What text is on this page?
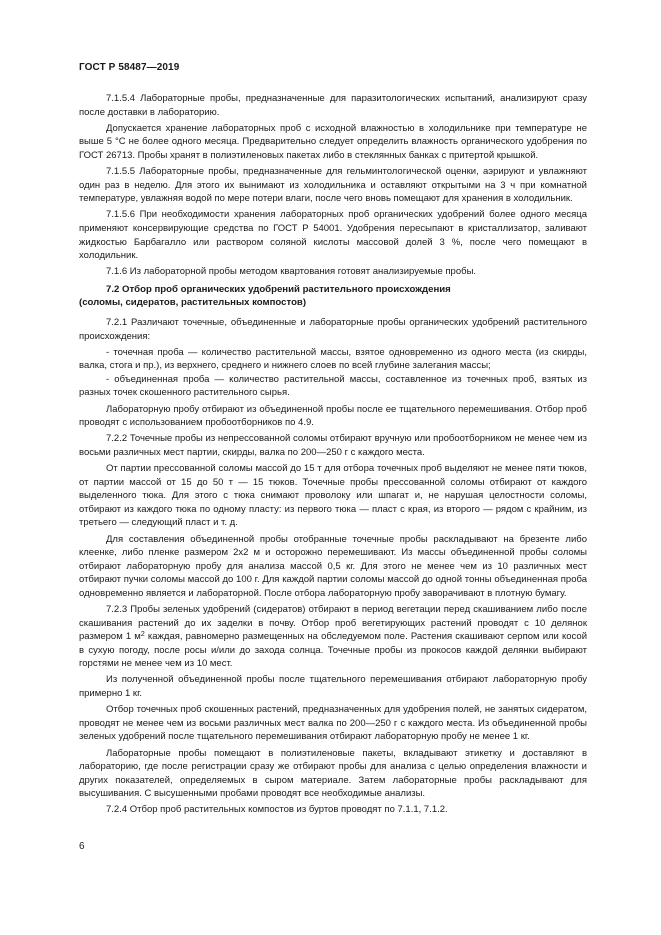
ГОСТ Р 58487—2019

7.1.5.4 Лабораторные пробы, предназначенные для паразитологических испытаний, анализируют сразу после доставки в лабораторию.

Допускается хранение лабораторных проб с исходной влажностью в холодильнике при температуре не выше 5 °С не более одного месяца. Предварительно следует определить влажность органического удобрения по ГОСТ 26713. Пробы хранят в полиэтиленовых пакетах либо в стеклянных банках с притертой крышкой.

7.1.5.5 Лабораторные пробы, предназначенные для гельминтологической оценки, аэрируют и увлажняют один раз в неделю. Для этого их вынимают из холодильника и оставляют открытыми на 3 ч при комнатной температуре, увлажняя водой по мере потери влаги, после чего вновь помещают для хранения в холодильник.

7.1.5.6 При необходимости хранения лабораторных проб органических удобрений более одного месяца применяют консервирующие средства по ГОСТ Р 54001. Удобрения пересыпают в кристаллизатор, заливают жидкостью Барбагалло или раствором соляной кислоты массовой долей 3 %, после чего помещают в холодильник.

7.1.6 Из лабораторной пробы методом квартования готовят анализируемые пробы.

7.2 Отбор проб органических удобрений растительного происхождения
(соломы, сидератов, растительных компостов)

7.2.1 Различают точечные, объединенные и лабораторные пробы органических удобрений растительного происхождения:

- точечная проба — количество растительной массы, взятое одновременно из одного места (из скирды, валка, стога и пр.), из верхнего, среднего и нижнего слоев по всей глубине залегания массы;

- объединенная проба — количество растительной массы, составленное из точечных проб, взятых из разных точек скошенного растительного сырья.

Лабораторную пробу отбирают из объединенной пробы после ее тщательного перемешивания. Отбор проб проводят с использованием пробоотборников по 4.9.

7.2.2 Точечные пробы из непрессованной соломы отбирают вручную или пробоотборником не менее чем из восьми различных мест партии, скирды, валка по 200—250 г с каждого места.

От партии прессованной соломы массой до 15 т для отбора точечных проб выделяют не менее пяти тюков, от партии массой от 15 до 50 т — 15 тюков. Точечные пробы прессованной соломы отбирают от каждого выделенного тюка. Для этого с тюка снимают проволоку или шпагат и, не нарушая целостности соломы, отбирают из каждого тюка по одному пласту: из первого тюка — пласт с края, из второго — рядом с крайним, из третьего — следующий пласт и т. д.

Для составления объединенной пробы отобранные точечные пробы раскладывают на брезенте либо клеенке, либо пленке размером 2х2 м и осторожно перемешивают. Из массы объединенной пробы соломы отбирают лабораторную пробу для анализа массой 0,5 кг. Для этого не менее чем из 10 различных мест отбирают пучки соломы массой до 100 г. Для каждой партии соломы массой до одной тонны объединенная проба одновременно является и лабораторной. После отбора лабораторную пробу заворачивают в плотную бумагу.

7.2.3 Пробы зеленых удобрений (сидератов) отбирают в период вегетации перед скашиванием либо после скашивания растений до их заделки в почву. Отбор проб вегетирующих растений проводят с 10 делянок размером 1 $м^2$ каждая, равномерно размещенных на обследуемом поле. Растения скашивают серпом или косой в сухую погоду, после росы и/или до захода солнца. Точечные пробы из прокосов каждой делянки выбирают горстями не менее чем из 10 мест.

Из полученной объединенной пробы после тщательного перемешивания отбирают лабораторную пробу примерно 1 кг.

Отбор точечных проб скошенных растений, предназначенных для удобрения полей, не занятых сидератом, проводят не менее чем из восьми различных мест валка по 200—250 г с каждого места. Из объединенной пробы зеленых удобрений после тщательного перемешивания отбирают лабораторную пробу не менее 1 кг.

Лабораторные пробы помещают в полиэтиленовые пакеты, вкладывают этикетку и доставляют в лабораторию, где после регистрации сразу же отбирают пробы для анализа с целью определения влажности и других показателей, определяемых в сыром материале. Затем лабораторные пробы раскладывают для высушивания. С высушенными пробами проводят все необходимые анализы.

7.2.4 Отбор проб растительных компостов из буртов проводят по 7.1.1, 7.1.2.

6
